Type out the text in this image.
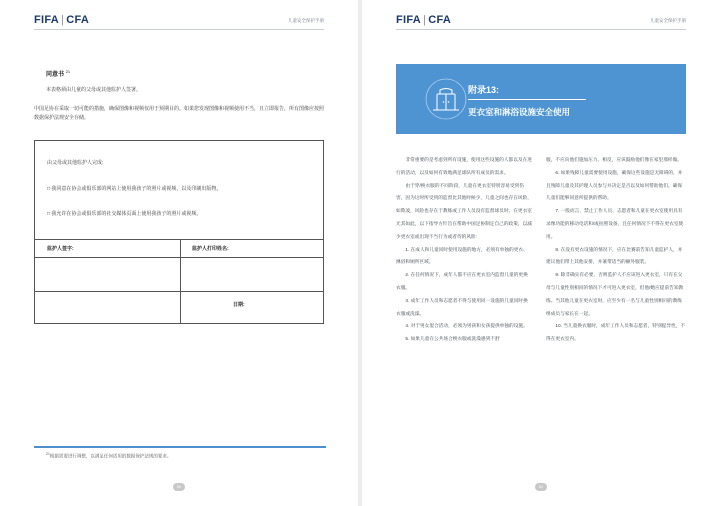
FIFA | CFA	儿童安全保护手册
同意书 $^{21}$
本表格须由儿童的父母或其他监护人签署。
中国足协在采取一切可能的措施，确保图像和视频仅用于预期目的。如果您发现图像和视频使用不当，且立即报告，所有图像应按照数据保护法规安全存储。
由父母或其他监护人完成:
□ 我同意在协会或俱乐部的网站上使用我孩子的照片或视频，以及印刷出版物。
□ 我允许在协会或俱乐部的社交媒体页面上使用我孩子的照片或视频。
监护人签字:	监护人打印姓名:
日期:
$^{21}$根据需要进行调整，以满足任何适用的数据保护法规的要求。
50
FIFA | CFA	儿童安全保护手册
附录13:
更衣室和淋浴设施安全使用

非常重要的是考虑到所有设施，使用这些设施的人都以及在进行的活动，以及如何有效地满足球队所有成员的需求。

由于穿/换衣服的不同阶段，儿童在更衣室特别容易受到伤害，因为这时所受到的监督比其他时候少，儿童之间也存在风险，如欺凌，风险也存在于教练或工作人员没有监督球员时。在更衣室尤其如此，以下指导方针旨在帮助中国足协制定自己的政策，以减少更衣室或出现不当行为或者待的风险:

1. 在成人和儿童同时使用设施的地方，必须有单独的更衣、淋浴和厕所区域。

2. 在任何情况下，成年人都不应在更衣室内监督儿童的更换衣服。

3. 成年工作人员和志愿者不得与使用同一设施的儿童同时换衣服或洗澡。

4. 对于男女混合活动，必须为男孩和女孩提供单独的设施。

5. 如果儿童在公共场合换衣服或洗澡感到不舒

服，不应向他们施加压力。相反，应该鼓励他们像在家里那样做。

6. 如果残障儿童需要使用设施，确保这些设施是无障碍的，并且残障儿童及其护理人员参与并决定是否以及如何帮助他们。确保儿童们能够同意所提供的帮助。

7. 一般而言，禁止工作人员、志愿者和儿童在更衣室使用具有录像功能的移动电话和/或拍照设备，且任何情况下不得在更衣室使用。

8. 在没有更衣设施的情况下，应在比赛前告知儿童监护人，并建议他们带上其他安排，并兼带适当的额外服装。

9. 除非确实有必要，否则监护人不应该进入更衣室，只有在父母与儿童性别相同的情况下才可进入更衣室，但他/她应提前告知教练。当其他儿童在更衣室时，应至少有一名与儿童性别相同的教练组成员与家长在一起。

10. 当儿童换衣服时，成年工作人员和志愿者，特别提异性，不得在更衣室内。

51
